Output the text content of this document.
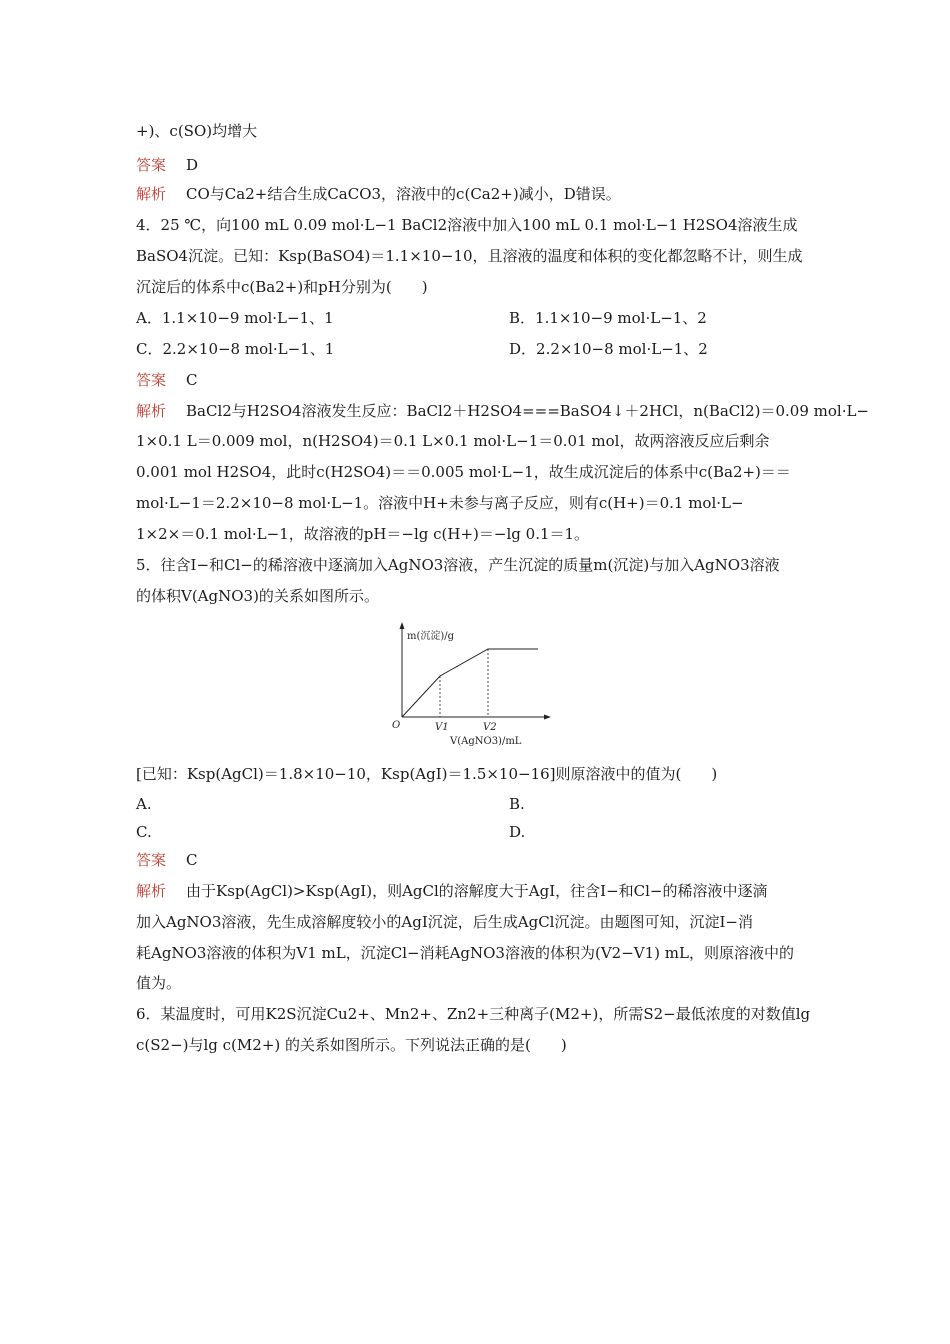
+)、c(SO)均增大
答案 D
解析 CO与Ca2+结合生成CaCO3，溶液中的c(Ca2+)减小，D错误。
4．25 ℃，向100 mL 0.09 mol·L−1 BaCl2溶液中加入100 mL 0.1 mol·L−1 H2SO4溶液生成
BaSO4沉淀。已知：Ksp(BaSO4)＝1.1×10−10，且溶液的温度和体积的变化都忽略不计，则生成
沉淀后的体系中c(Ba2+)和pH分别为(　　)
A．1.1×10−9 mol·L−1、1	B．1.1×10−9 mol·L−1、2
C．2.2×10−8 mol·L−1、1	D．2.2×10−8 mol·L−1、2
答案 C
解析 BaCl2与H2SO4溶液发生反应：BaCl2＋H2SO4===BaSO4↓＋2HCl，n(BaCl2)＝0.09 mol·L−
1×0.1 L＝0.009 mol，n(H2SO4)＝0.1 L×0.1 mol·L−1＝0.01 mol，故两溶液反应后剩余
0.001 mol H2SO4，此时c(H2SO4)＝＝0.005 mol·L−1，故生成沉淀后的体系中c(Ba2+)＝＝
mol·L−1＝2.2×10−8 mol·L−1。溶液中H+未参与离子反应，则有c(H+)＝0.1 mol·L−
1×2×＝0.1 mol·L−1，故溶液的pH＝−lg c(H+)＝−lg 0.1＝1。
5．往含I−和Cl−的稀溶液中逐滴加入AgNO3溶液，产生沉淀的质量m(沉淀)与加入AgNO3溶液
的体积V(AgNO3)的关系如图所示。
m(沉淀)/g
V(AgNO3)/mL
O	V1	V2
[已知：Ksp(AgCl)＝1.8×10−10，Ksp(AgI)＝1.5×10−16]则原溶液中的值为(　　)
A.	B.
C.	D.
答案 C
解析 由于Ksp(AgCl)>Ksp(AgI)，则AgCl的溶解度大于AgI，往含I−和Cl−的稀溶液中逐滴
加入AgNO3溶液，先生成溶解度较小的AgI沉淀，后生成AgCl沉淀。由题图可知，沉淀I−消
耗AgNO3溶液的体积为V1 mL，沉淀Cl−消耗AgNO3溶液的体积为(V2−V1) mL，则原溶液中的
值为。
6．某温度时，可用K2S沉淀Cu2+、Mn2+、Zn2+三种离子(M2+)，所需S2−最低浓度的对数值lg
c(S2−)与lg c(M2+) 的关系如图所示。下列说法正确的是(　　)
